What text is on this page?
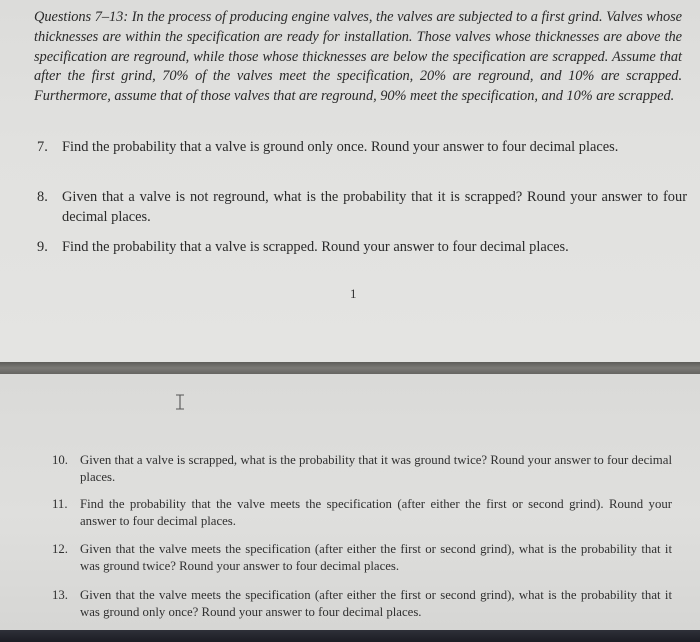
Questions 7–13: In the process of producing engine valves, the valves are subjected to a first grind. Valves whose thicknesses are within the specification are ready for installation. Those valves whose thicknesses are above the specification are reground, while those whose thicknesses are below the specification are scrapped. Assume that after the first grind, 70% of the valves meet the specification, 20% are reground, and 10% are scrapped. Furthermore, assume that of those valves that are reground, 90% meet the specification, and 10% are scrapped.
7. Find the probability that a valve is ground only once. Round your answer to four decimal places.
8. Given that a valve is not reground, what is the probability that it is scrapped? Round your answer to four decimal places.
9. Find the probability that a valve is scrapped. Round your answer to four decimal places.
1
10. Given that a valve is scrapped, what is the probability that it was ground twice? Round your answer to four decimal places.
11. Find the probability that the valve meets the specification (after either the first or second grind). Round your answer to four decimal places.
12. Given that the valve meets the specification (after either the first or second grind), what is the probability that it was ground twice? Round your answer to four decimal places.
13. Given that the valve meets the specification (after either the first or second grind), what is the probability that it was ground only once? Round your answer to four decimal places.
